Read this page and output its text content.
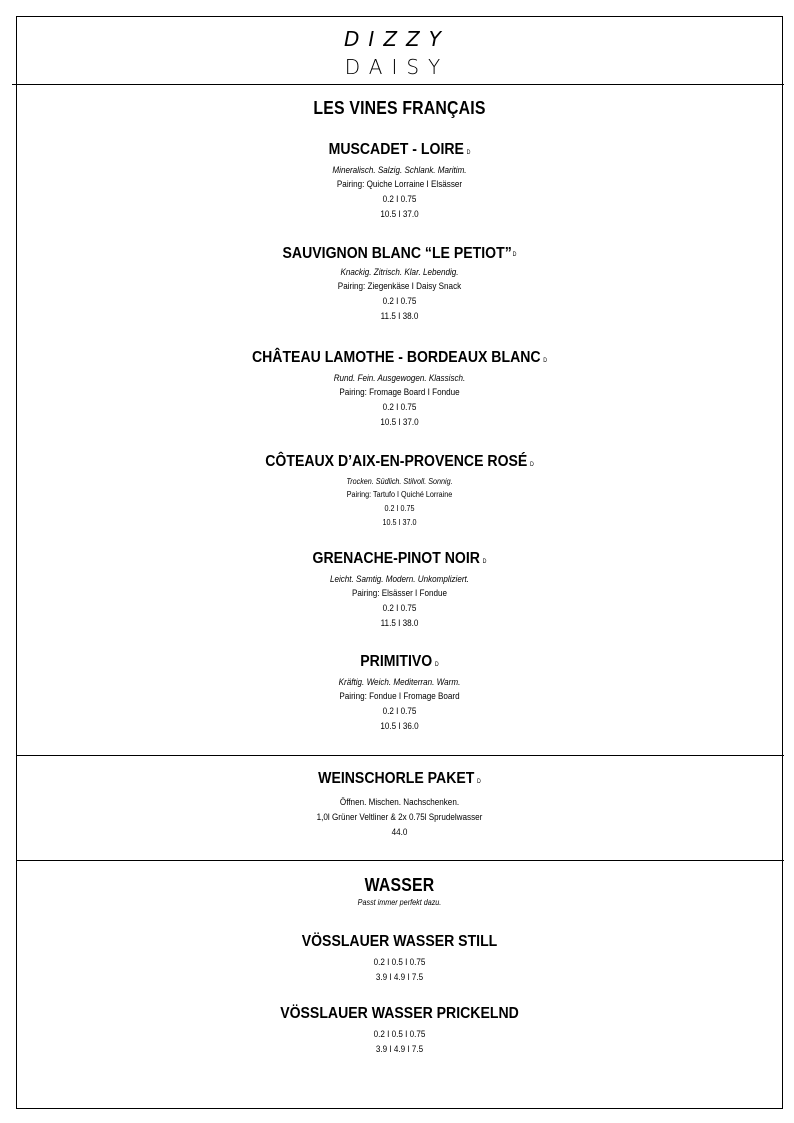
DIZZY
DAISY
LES VINES FRANÇAIS
MUSCADET - LOIRE D
Mineralisch. Salzig. Schlank. Maritim.
Pairing: Quiche Lorraine I Elsässer
0.2 I 0.75
10.5 I 37.0
SAUVIGNON BLANC “LE PETIOT”D
Knackig. Zitrisch. Klar. Lebendig.
Pairing: Ziegenkäse I Daisy Snack
0.2 I 0.75
11.5 I 38.0
CHÂTEAU LAMOTHE - BORDEAUX BLANC D
Rund. Fein. Ausgewogen. Klassisch.
Pairing: Fromage Board I Fondue
0.2 I 0.75
10.5 I 37.0
CÔTEAUX D’AIX-EN-PROVENCE ROSÉ D
Trocken. Südlich. Stilvoll. Sonnig.
Pairing: Tartufo I Quiché Lorraine
0.2 I 0.75
10.5 I 37.0
GRENACHE-PINOT NOIR D
Leicht. Samtig. Modern. Unkompliziert.
Pairing: Elsässer I Fondue
0.2 I 0.75
11.5 I 38.0
PRIMITIVO D
Kräftig. Weich. Mediterran. Warm.
Pairing: Fondue I Fromage Board
0.2 I 0.75
10.5 I 36.0
WEINSCHORLE PAKET D
Öffnen. Mischen. Nachschenken.
1,0l Grüner Veltliner & 2x 0.75l Sprudelwasser
44.0
WASSER
Passt immer perfekt dazu.
VÖSSLAUER WASSER STILL
0.2 I 0.5 I 0.75
3.9 I 4.9 I 7.5
VÖSSLAUER WASSER PRICKELND
0.2 I 0.5 I 0.75
3.9 I 4.9 I 7.5
